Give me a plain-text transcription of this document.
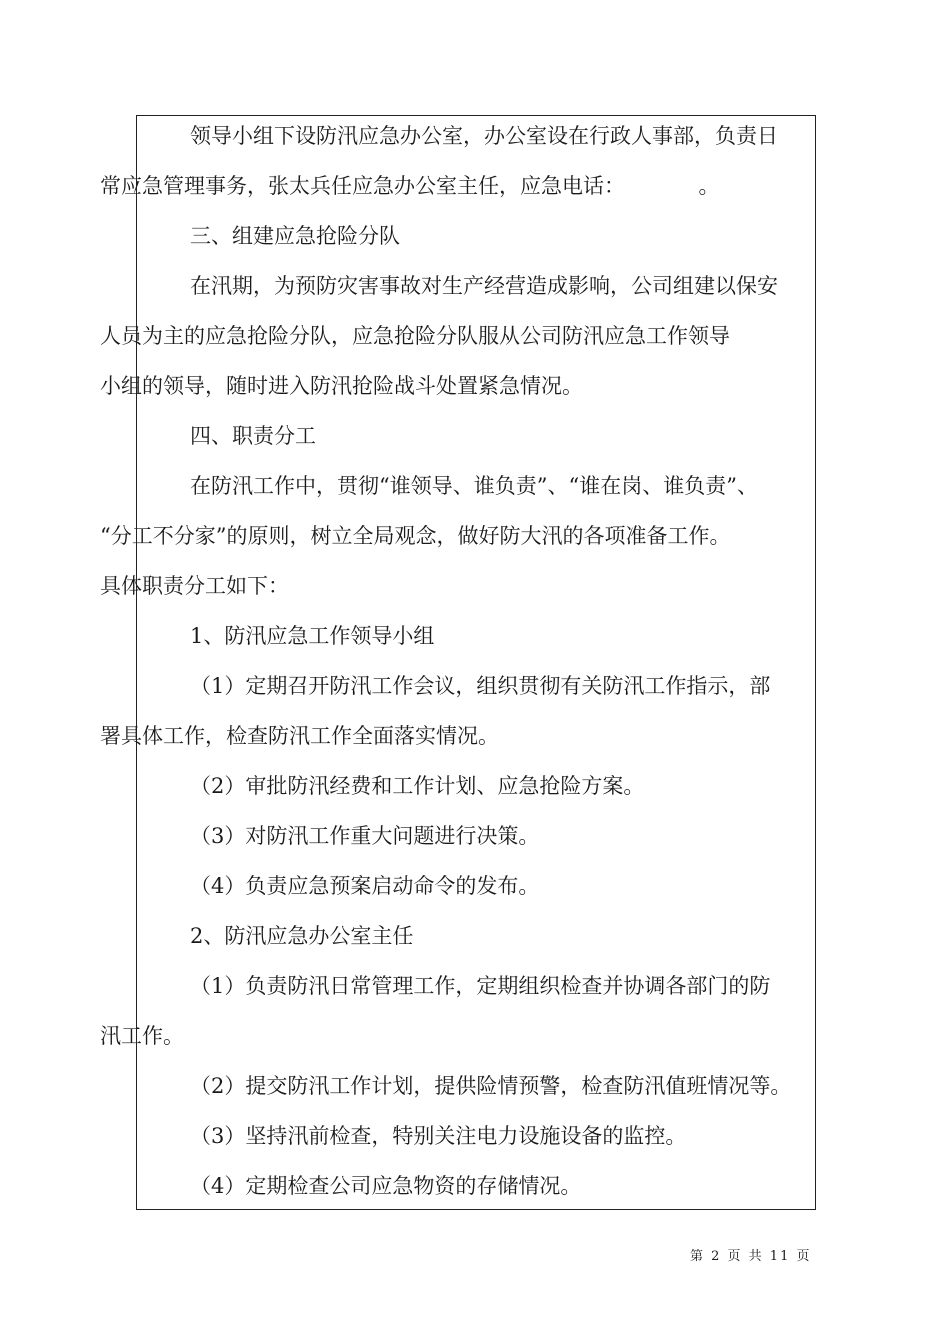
领导小组下设防汛应急办公室，办公室设在行政人事部，负责日
常应急管理事务，张太兵任应急办公室主任，应急电话：　　　　。

三、组建应急抢险分队

在汛期，为预防灾害事故对生产经营造成影响，公司组建以保安
人员为主的应急抢险分队，应急抢险分队服从公司防汛应急工作领导
小组的领导，随时进入防汛抢险战斗处置紧急情况。

四、职责分工

在防汛工作中，贯彻“谁领导、谁负责”、“谁在岗、谁负责”、
“分工不分家”的原则，树立全局观念，做好防大汛的各项准备工作。
具体职责分工如下：

1、防汛应急工作领导小组

（1）定期召开防汛工作会议，组织贯彻有关防汛工作指示，部
署具体工作，检查防汛工作全面落实情况。

（2）审批防汛经费和工作计划、应急抢险方案。

（3）对防汛工作重大问题进行决策。

（4）负责应急预案启动命令的发布。

2、防汛应急办公室主任

（1）负责防汛日常管理工作，定期组织检查并协调各部门的防
汛工作。

（2）提交防汛工作计划，提供险情预警，检查防汛值班情况等。

（3）坚持汛前检查，特别关注电力设施设备的监控。

（4）定期检查公司应急物资的存储情况。

第 2 页 共 11 页
